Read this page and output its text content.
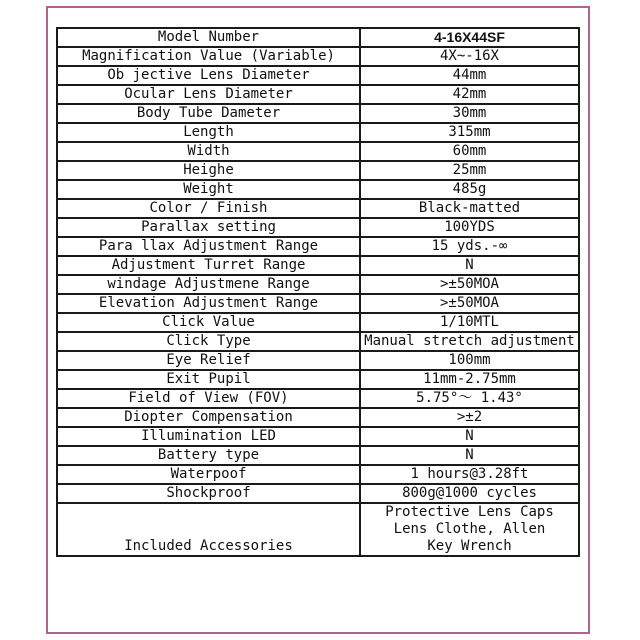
Model Number	4-16X44SF
Magnification Value (Variable)	4X~-16X
Ob jective Lens Diameter	44mm
Ocular Lens Diameter	42mm
Body Tube Dameter	30mm
Length	315mm
Width	60mm
Heighe	25mm
Weight	485g
Color / Finish	Black-matted
Parallax setting	100YDS
Para llax Adjustment Range	15 yds.-∞
Adjustment Turret Range	N
windage Adjustmene Range	>±50MOA
Elevation Adjustment Range	>±50MOA
Click Value	1/10MTL
Click Type	Manual stretch adjustment
Eye Relief	100mm
Exit Pupil	11mm-2.75mm
Field of View (FOV)	5.75°～ 1.43°
Diopter Compensation	>±2
Illumination LED	N
Battery type	N
Waterpoof	1 hours@3.28ft
Shockproof	800g@1000 cycles
Included Accessories	Protective Lens Caps
Lens Clothe, Allen
Key Wrench
